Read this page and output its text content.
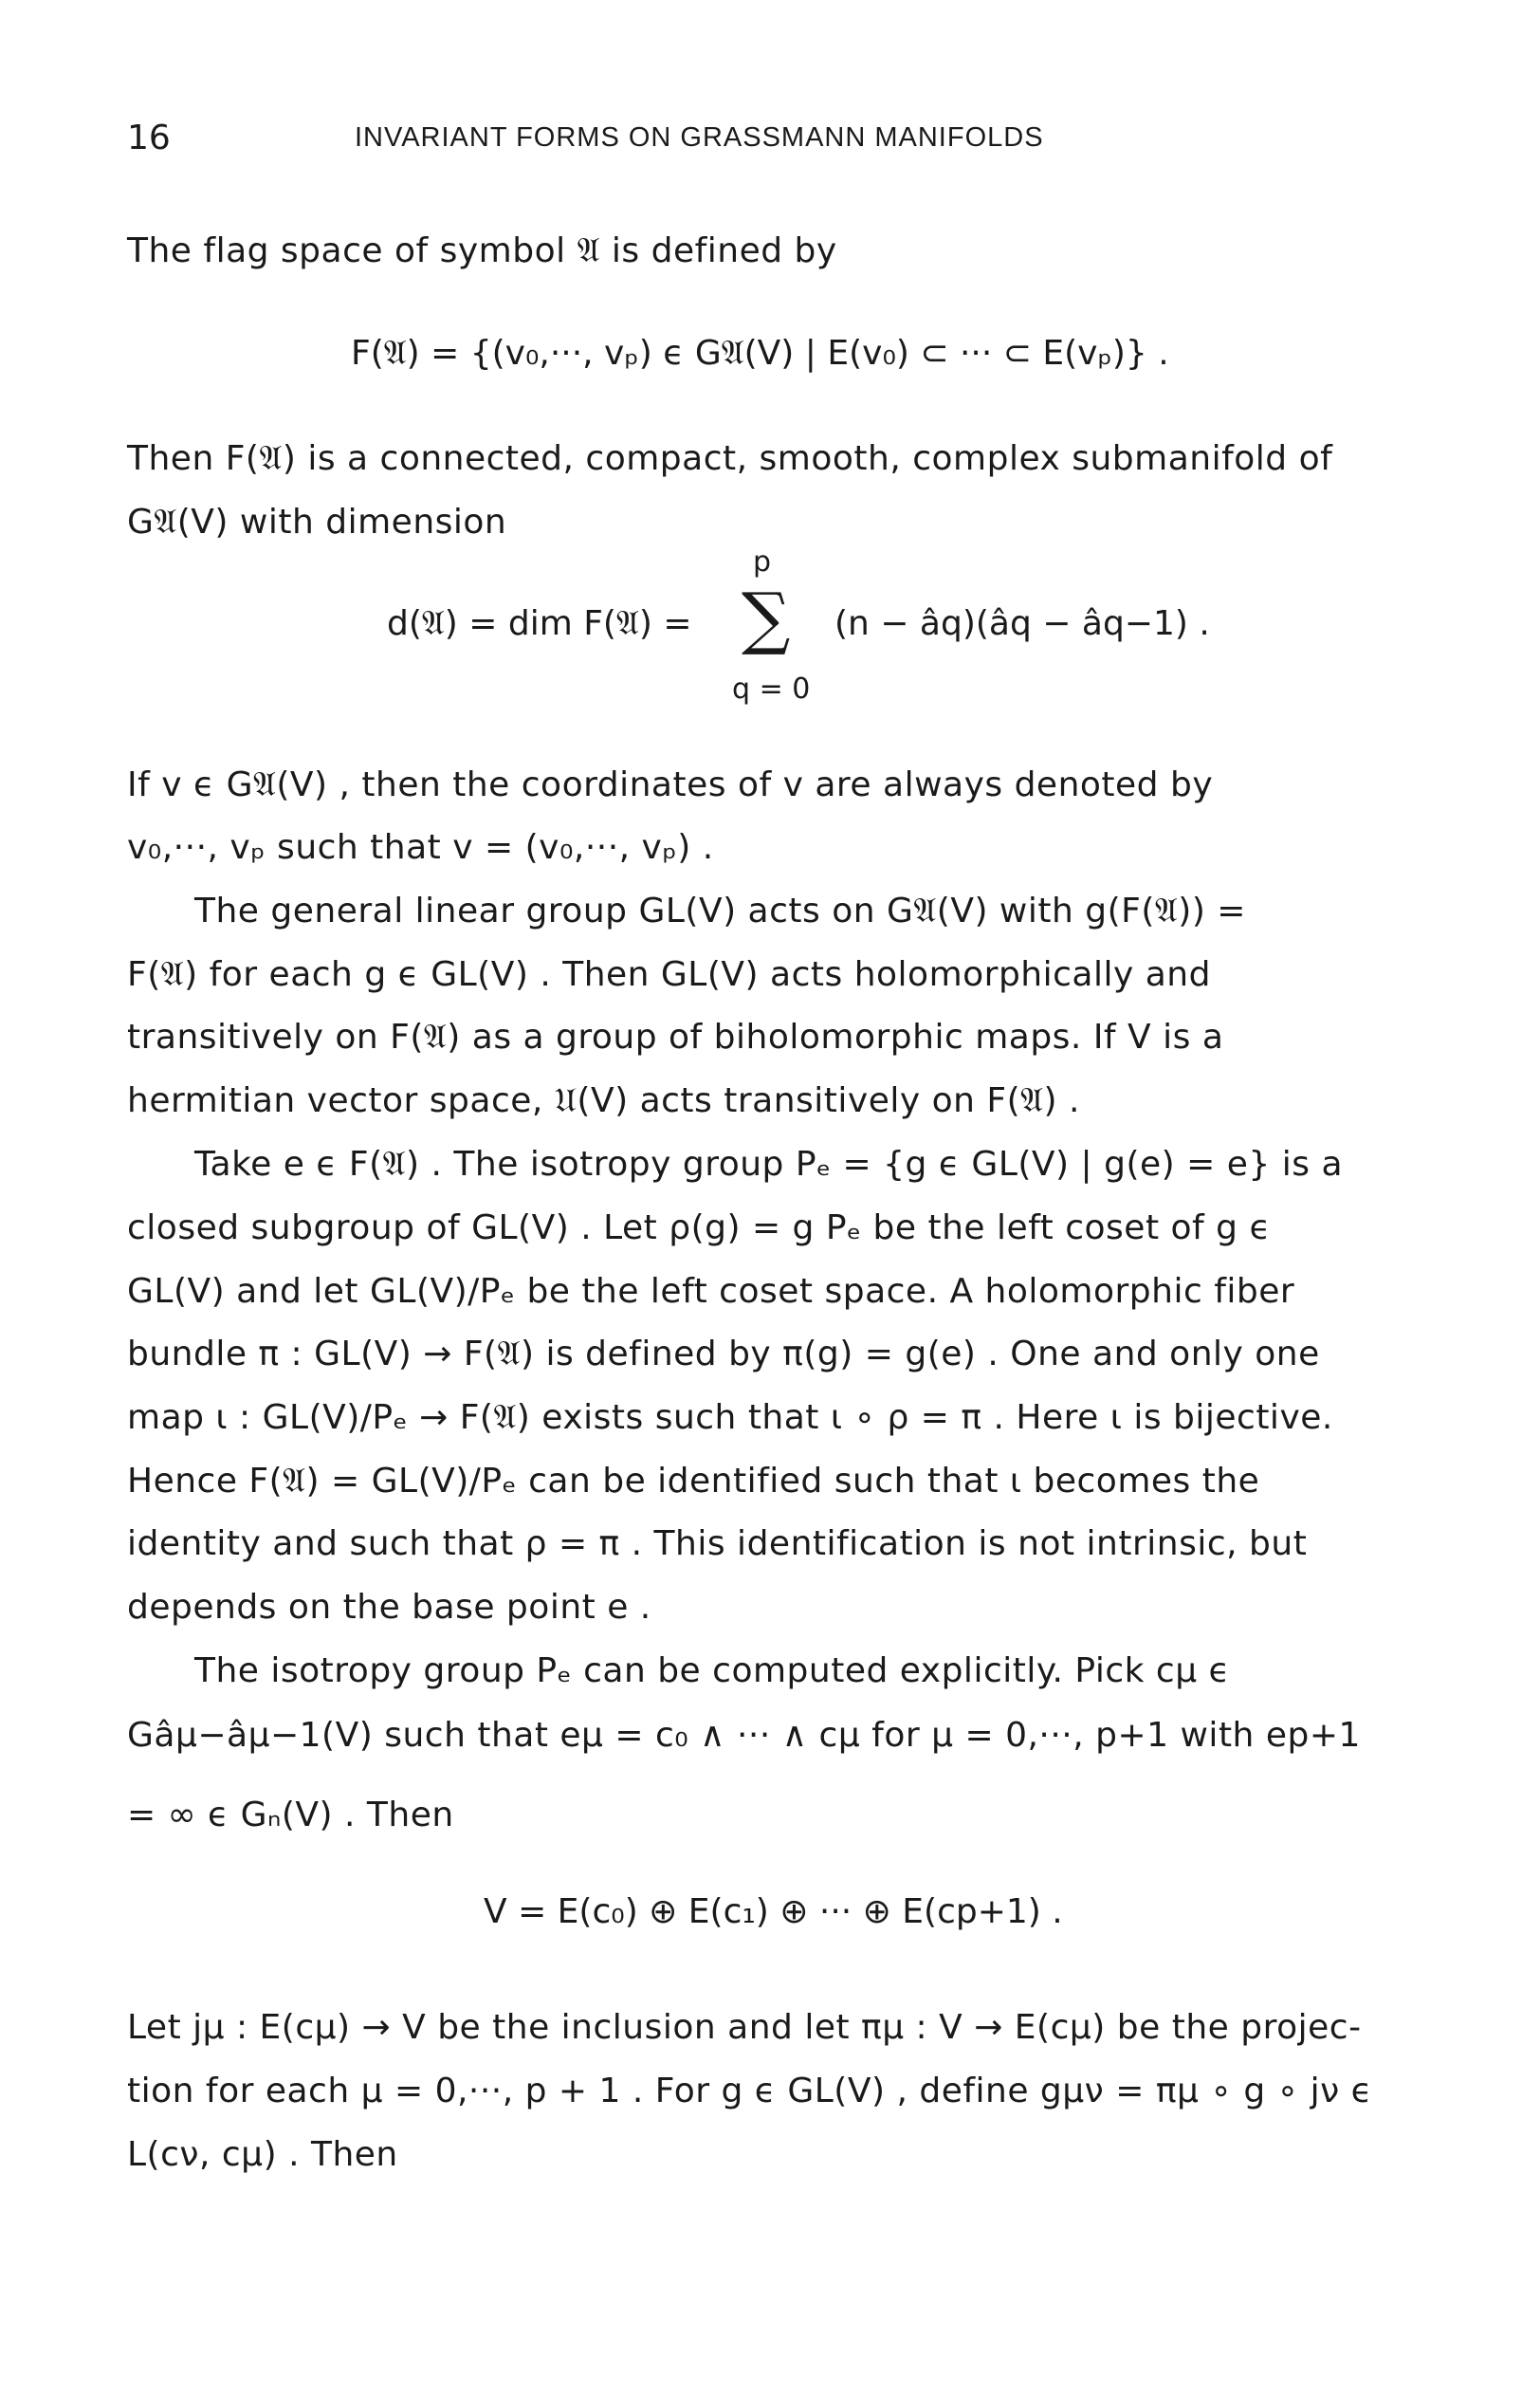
16	INVARIANT FORMS ON GRASSMANN MANIFOLDS
The flag space of symbol 𝔄 is defined by
F(𝔄) = {(v₀,···, vₚ) ϵ G𝔄(V) | E(v₀) ⊂ ··· ⊂ E(vₚ)} .
Then F(𝔄) is a connected, compact, smooth, complex submanifold of
G𝔄(V) with dimension
d(𝔄) = dim F(𝔄) =
p
∑
q = 0
(n − âq)(âq − âq−1) .
If v ϵ G𝔄(V) , then the coordinates of v are always denoted by
v₀,···, vₚ such that v = (v₀,···, vₚ) .
The general linear group GL(V) acts on G𝔄(V) with g(F(𝔄)) =
F(𝔄) for each g ϵ GL(V) . Then GL(V) acts holomorphically and
transitively on F(𝔄) as a group of biholomorphic maps. If V is a
hermitian vector space, 𝔘(V) acts transitively on F(𝔄) .
Take e ϵ F(𝔄) . The isotropy group Pₑ = {g ϵ GL(V) | g(e) = e} is a
closed subgroup of GL(V) . Let ρ(g) = g Pₑ be the left coset of g ϵ
GL(V) and let GL(V)/Pₑ be the left coset space. A holomorphic fiber
bundle π : GL(V) → F(𝔄) is defined by π(g) = g(e) . One and only one
map ι : GL(V)/Pₑ → F(𝔄) exists such that ι ∘ ρ = π . Here ι is bijective.
Hence F(𝔄) = GL(V)/Pₑ can be identified such that ι becomes the
identity and such that ρ = π . This identification is not intrinsic, but
depends on the base point e .
The isotropy group Pₑ can be computed explicitly. Pick cμ ϵ
Gâμ−âμ−1(V) such that eμ = c₀ ∧ ··· ∧ cμ for μ = 0,···, p+1 with ep+1
= ∞ ϵ Gₙ(V) . Then
V = E(c₀) ⊕ E(c₁) ⊕ ··· ⊕ E(cp+1) .
Let jμ : E(cμ) → V be the inclusion and let πμ : V → E(cμ) be the projec-
tion for each μ = 0,···, p + 1 . For g ϵ GL(V) , define gμν = πμ ∘ g ∘ jν ϵ
L(cν, cμ) . Then
